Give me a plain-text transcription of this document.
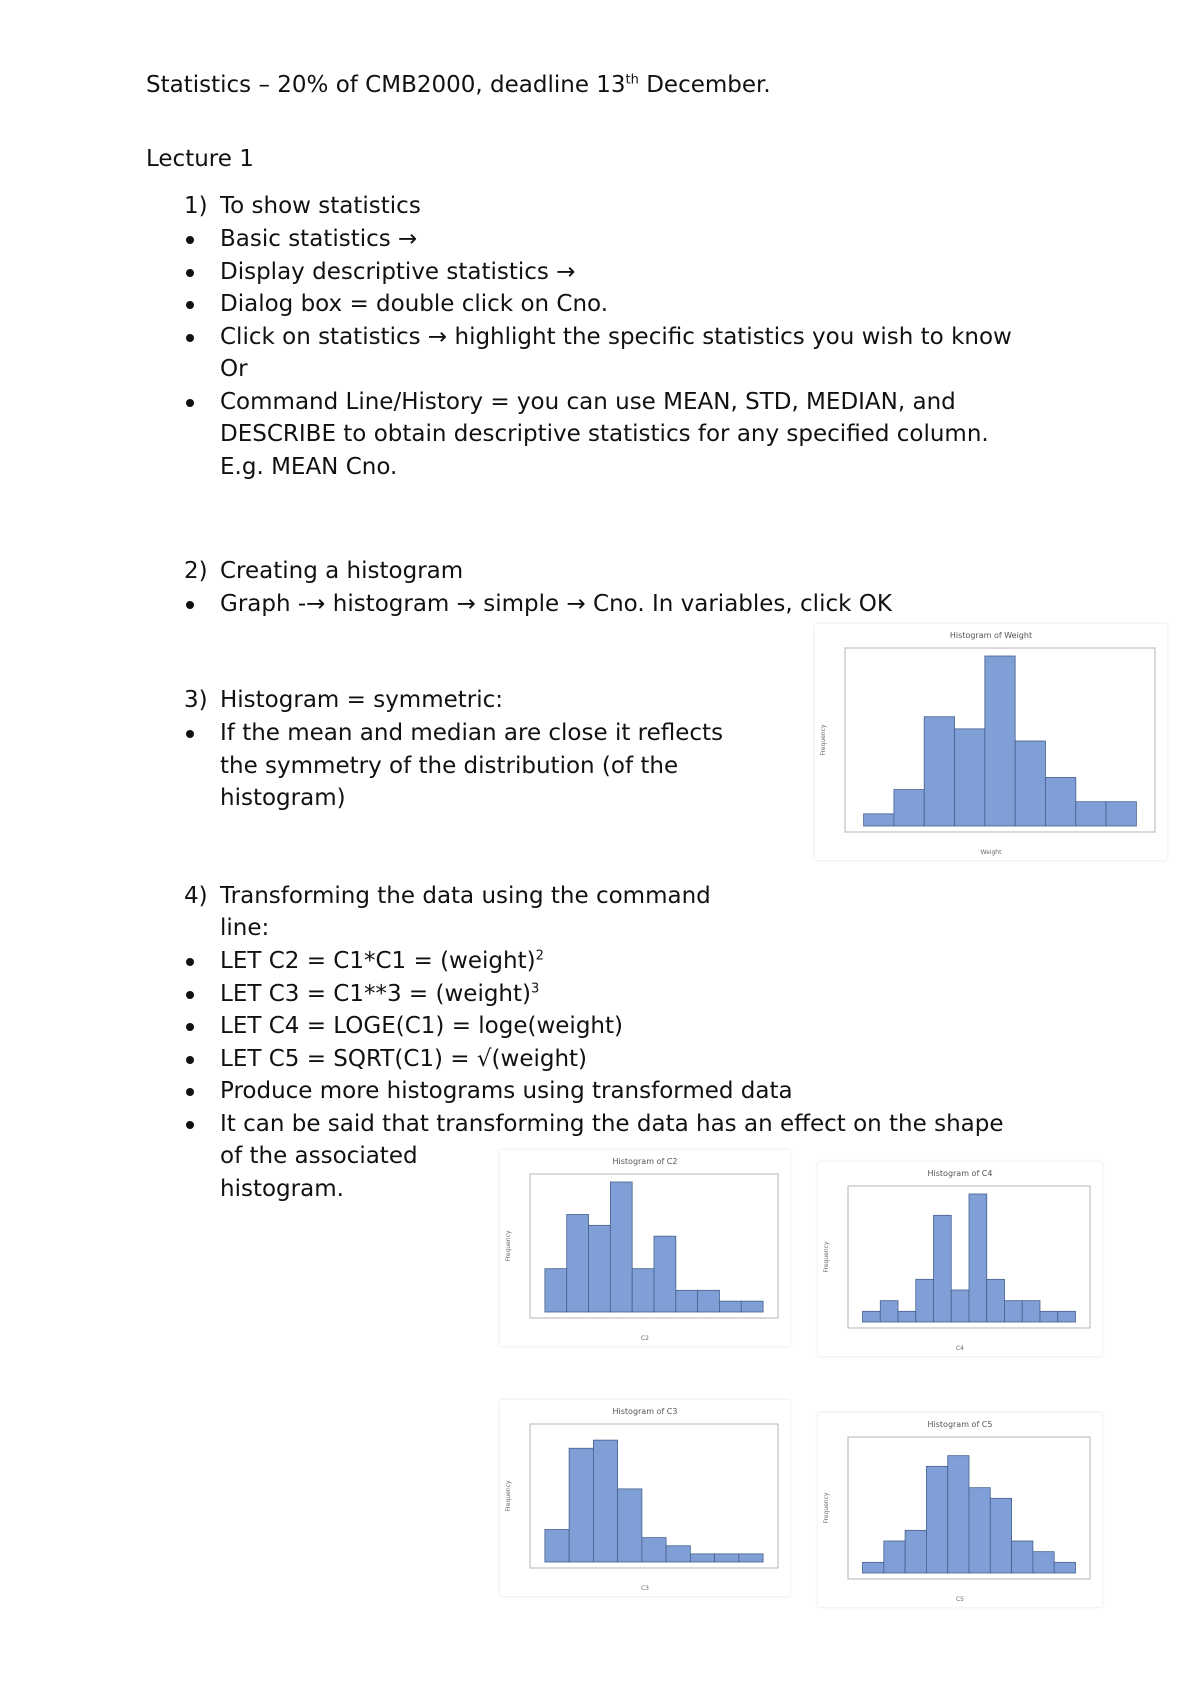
Statistics – 20% of CMB2000, deadline 13th December.
Lecture 1
1) To show statistics
Basic statistics →
Display descriptive statistics →
Dialog box = double click on Cno.
Click on statistics → highlight the specific statistics you wish to know
Or
Command Line/History = you can use MEAN, STD, MEDIAN, and
DESCRIBE to obtain descriptive statistics for any specified column.
E.g. MEAN Cno.
2) Creating a histogram
Graph -→ histogram → simple → Cno. In variables, click OK
3) Histogram = symmetric:
If the mean and median are close it reflects
the symmetry of the distribution (of the
histogram)
4) Transforming the data using the command
line:
LET C2 = C1*C1 = (weight)$^2$
LET C3 = C1**3 = (weight)$^3$
LET C4 = LOGE(C1) = loge(weight)
LET C5 = SQRT(C1) = √(weight)
Produce more histograms using transformed data
It can be said that transforming the data has an effect on the shape
of the associated
histogram.
Histogram of Weight
Weight
Frequency
Histogram of C2
C2
Frequency
Histogram of C4
C4
Frequency
Histogram of C3
C3
Frequency
Histogram of C5
C5
Frequency
